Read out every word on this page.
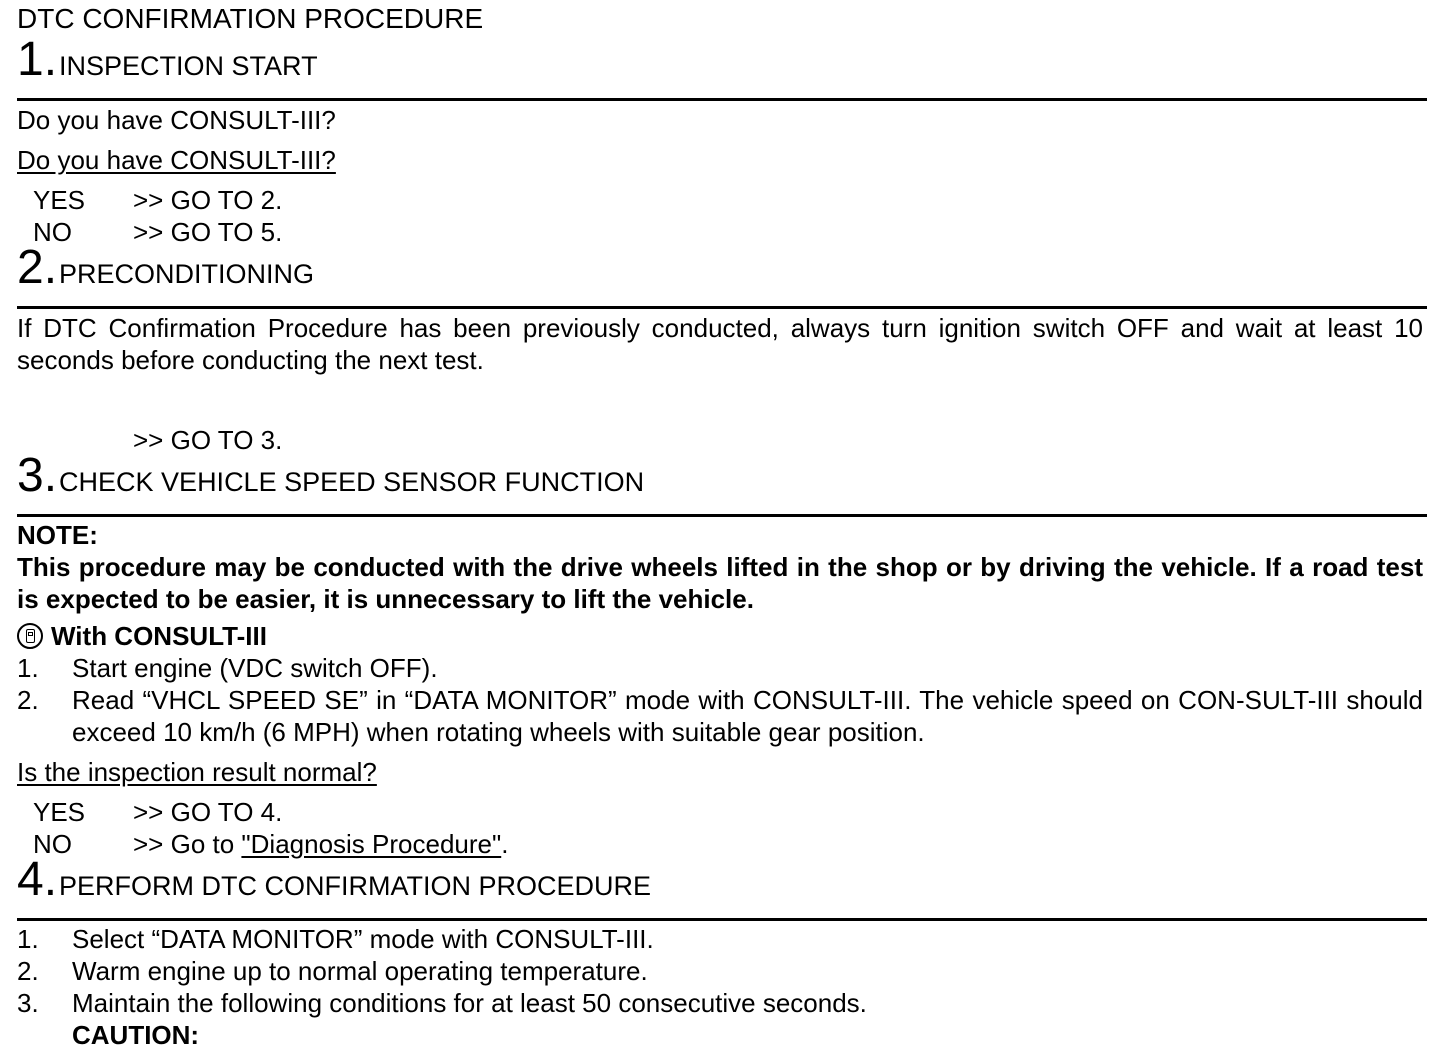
DTC CONFIRMATION PROCEDURE
1.INSPECTION START
Do you have CONSULT-III?
Do you have CONSULT-III?
YES >> GO TO 2.
NO >> GO TO 5.
2.PRECONDITIONING
If DTC Confirmation Procedure has been previously conducted, always turn ignition switch OFF and wait at least 10 seconds before conducting the next test.
>> GO TO 3.
3.CHECK VEHICLE SPEED SENSOR FUNCTION
NOTE:
This procedure may be conducted with the drive wheels lifted in the shop or by driving the vehicle. If a road test is expected to be easier, it is unnecessary to lift the vehicle.
With CONSULT-III
1. Start engine (VDC switch OFF).
2. Read “VHCL SPEED SE” in “DATA MONITOR” mode with CONSULT-III. The vehicle speed on CON-SULT-III should exceed 10 km/h (6 MPH) when rotating wheels with suitable gear position.
Is the inspection result normal?
YES >> GO TO 4.
NO >> Go to "Diagnosis Procedure".
4.PERFORM DTC CONFIRMATION PROCEDURE
1. Select “DATA MONITOR” mode with CONSULT-III.
2. Warm engine up to normal operating temperature.
3. Maintain the following conditions for at least 50 consecutive seconds.
CAUTION:
